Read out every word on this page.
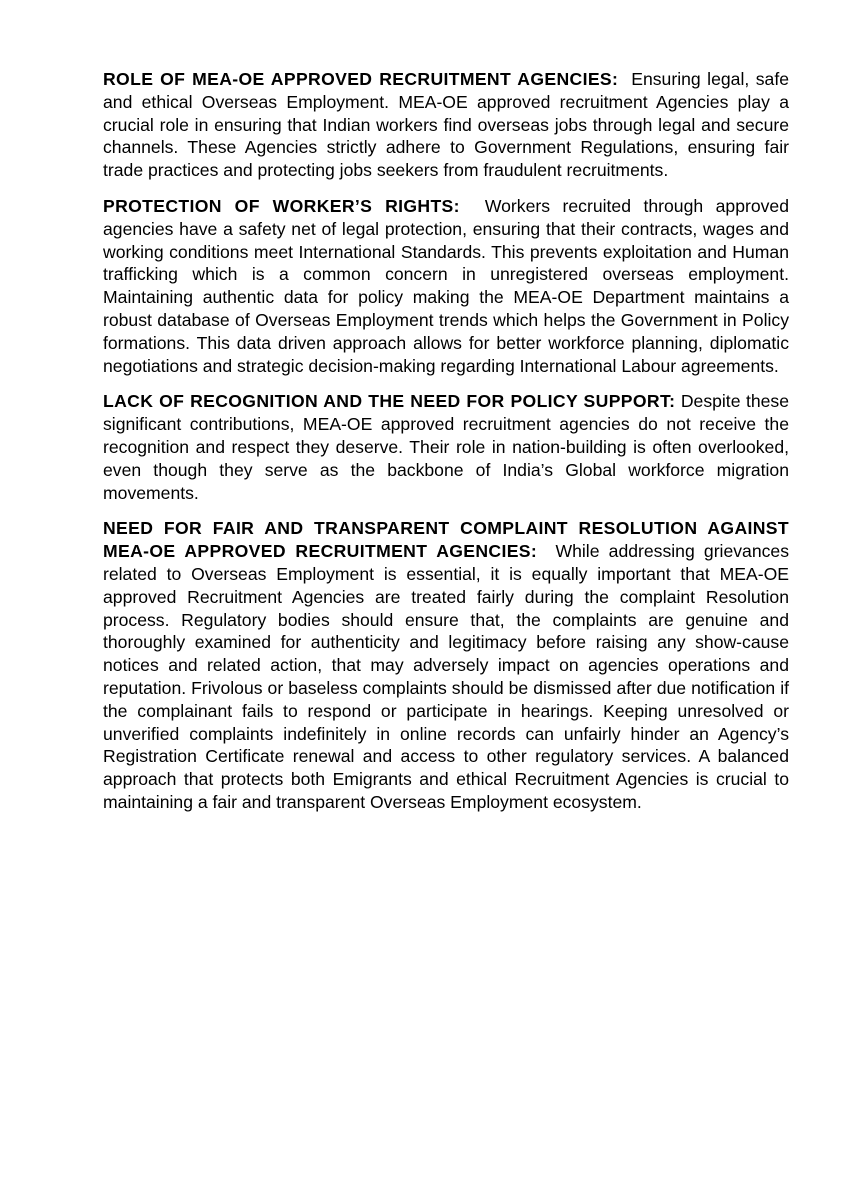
ROLE OF MEA-OE APPROVED RECRUITMENT AGENCIES: Ensuring legal, safe and ethical Overseas Employment. MEA-OE approved recruitment Agencies play a crucial role in ensuring that Indian workers find overseas jobs through legal and secure channels. These Agencies strictly adhere to Government Regulations, ensuring fair trade practices and protecting jobs seekers from fraudulent recruitments.

PROTECTION OF WORKER’S RIGHTS: Workers recruited through approved agencies have a safety net of legal protection, ensuring that their contracts, wages and working conditions meet International Standards. This prevents exploitation and Human trafficking which is a common concern in unregistered overseas employment. Maintaining authentic data for policy making the MEA-OE Department maintains a robust database of Overseas Employment trends which helps the Government in Policy formations. This data driven approach allows for better workforce planning, diplomatic negotiations and strategic decision-making regarding International Labour agreements.

LACK OF RECOGNITION AND THE NEED FOR POLICY SUPPORT: Despite these significant contributions, MEA-OE approved recruitment agencies do not receive the recognition and respect they deserve. Their role in nation-building is often overlooked, even though they serve as the backbone of India’s Global workforce migration movements.

NEED FOR FAIR AND TRANSPARENT COMPLAINT RESOLUTION AGAINST MEA-OE APPROVED RECRUITMENT AGENCIES: While addressing grievances related to Overseas Employment is essential, it is equally important that MEA-OE approved Recruitment Agencies are treated fairly during the complaint Resolution process. Regulatory bodies should ensure that, the complaints are genuine and thoroughly examined for authenticity and legitimacy before raising any show-cause notices and related action, that may adversely impact on agencies operations and reputation. Frivolous or baseless complaints should be dismissed after due notification if the complainant fails to respond or participate in hearings. Keeping unresolved or unverified complaints indefinitely in online records can unfairly hinder an Agency’s Registration Certificate renewal and access to other regulatory services. A balanced approach that protects both Emigrants and ethical Recruitment Agencies is crucial to maintaining a fair and transparent Overseas Employment ecosystem.
